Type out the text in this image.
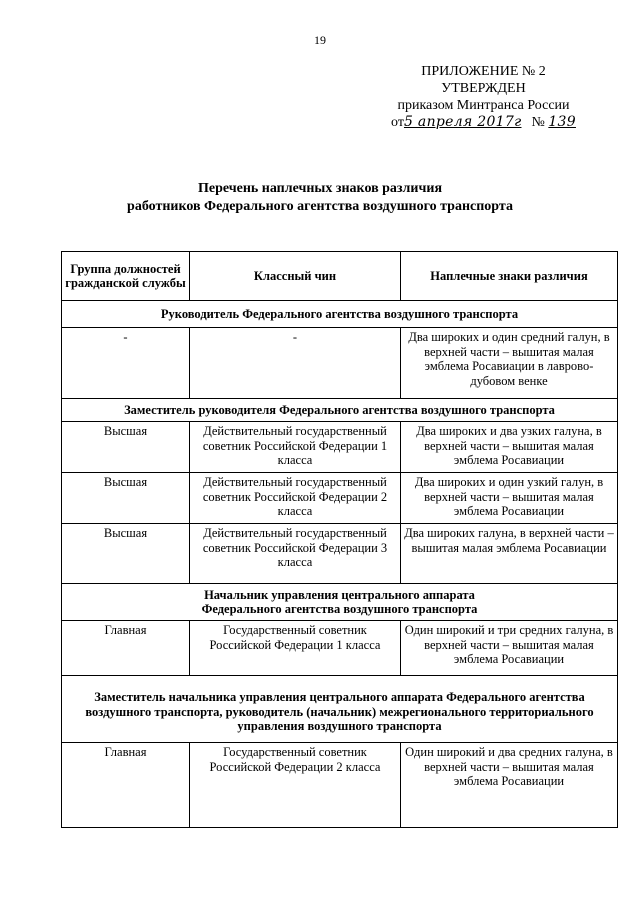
19
ПРИЛОЖЕНИЕ № 2
УТВЕРЖДЕН
приказом Минтранса России
от5 апреля 2017г № 139
Перечень наплечных знаков различия
работников Федерального агентства воздушного транспорта
Группа должностей гражданской службы	Классный чин	Наплечные знаки различия
Руководитель Федерального агентства воздушного транспорта		
-	-	Два широких и один средний галун, в верхней части – вышитая малая эмблема Росавиации в лаврово-дубовом венке
Заместитель руководителя Федерального агентства воздушного транспорта		
Высшая	Действительный государственный советник Российской Федерации 1 класса	Два широких и два узких галуна, в верхней части – вышитая малая эмблема Росавиации
Высшая	Действительный государственный советник Российской Федерации 2 класса	Два широких и один узкий галун, в верхней части – вышитая малая эмблема Росавиации
Высшая	Действительный государственный советник Российской Федерации 3 класса	Два широких галуна, в верхней части – вышитая малая эмблема Росавиации
Начальник управления центрального аппарата Федерального агентства воздушного транспорта		
Главная	Государственный советник Российской Федерации 1 класса	Один широкий и три средних галуна, в верхней части – вышитая малая эмблема Росавиации
Заместитель начальника управления центрального аппарата Федерального агентства воздушного транспорта, руководитель (начальник) межрегионального территориального управления воздушного транспорта		
Главная	Государственный советник Российской Федерации 2 класса	Один широкий и два средних галуна, в верхней части – вышитая малая эмблема Росавиации
